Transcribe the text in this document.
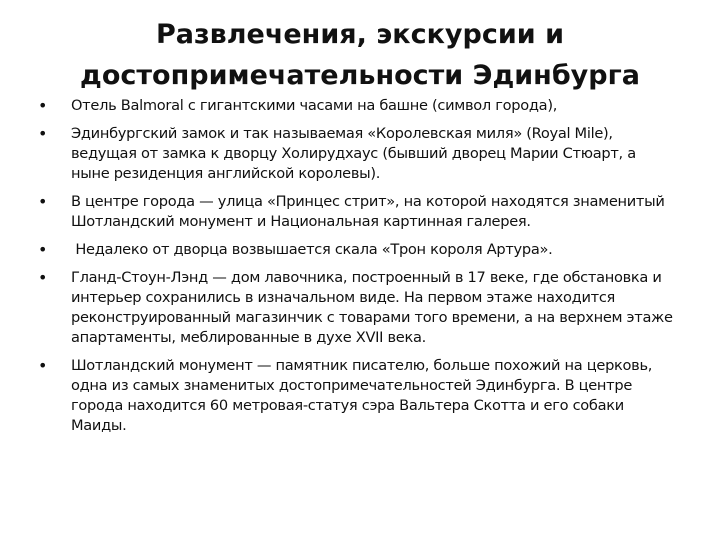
Развлечения, экскурсии и достопримечательности Эдинбурга
•	Отель Balmoral с гигантскими часами на башне (символ города),
•	Эдинбургский замок и так называемая «Королевская миля» (Royal Mile), ведущая от замка к дворцу Холирудхаус (бывший дворец Марии Стюарт, а ныне резиденция английской королевы).
•	В центре города — улица «Принцес стрит», на которой находятся знаменитый Шотландский монумент и Национальная картинная галерея.
•	Недалеко от дворца возвышается скала «Трон короля Артура».
•	Гланд-Стоун-Лэнд — дом лавочника, построенный в 17 веке, где обстановка и интерьер сохранились в изначальном виде. На первом этаже находится реконструированный магазинчик с товарами того времени, а на верхнем этаже апартаменты, меблированные в духе XVII века.
•	Шотландский монумент — памятник писателю, больше похожий на церковь, одна из самых знаменитых достопримечательностей Эдинбурга. В центре города находится 60 метровая-статуя сэра Вальтера Скотта и его собаки Маиды.
